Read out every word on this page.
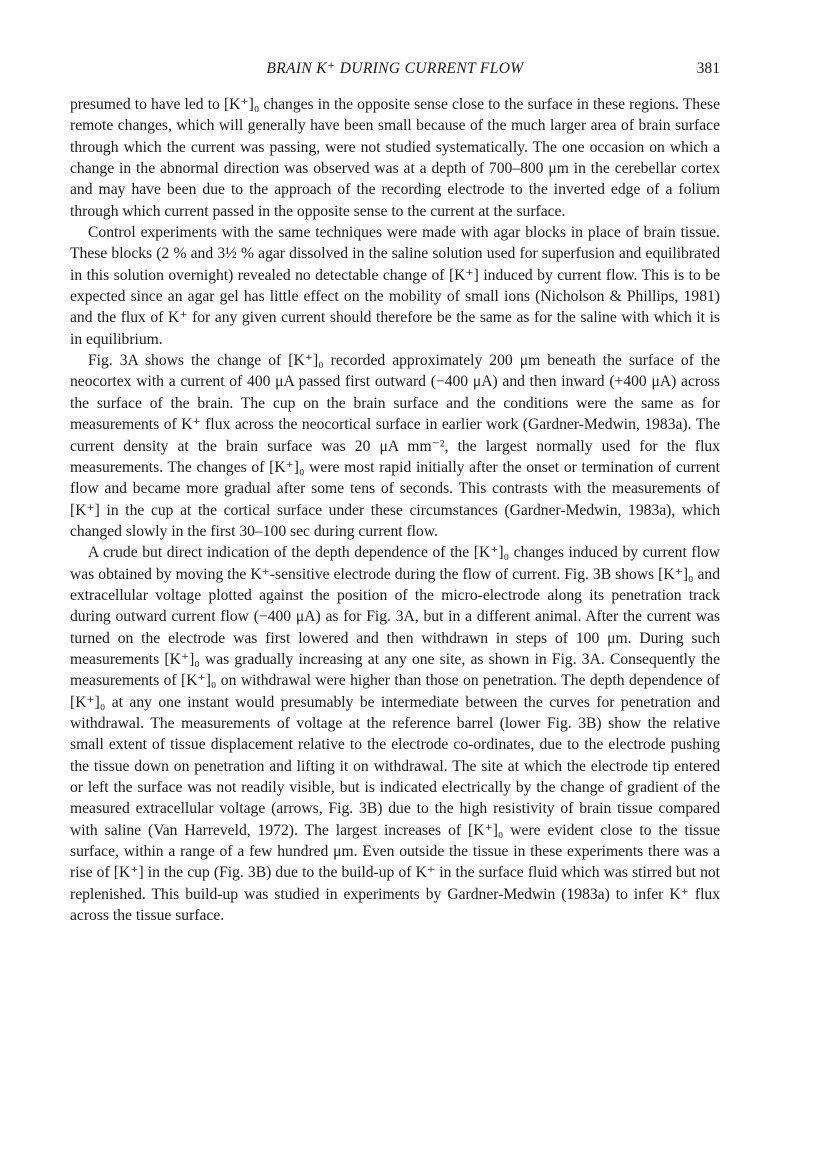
BRAIN K⁺ DURING CURRENT FLOW	381

presumed to have led to [K⁺]₀ changes in the opposite sense close to the surface in these regions. These remote changes, which will generally have been small because of the much larger area of brain surface through which the current was passing, were not studied systematically. The one occasion on which a change in the abnormal direction was observed was at a depth of 700–800 μm in the cerebellar cortex and may have been due to the approach of the recording electrode to the inverted edge of a folium through which current passed in the opposite sense to the current at the surface.

Control experiments with the same techniques were made with agar blocks in place of brain tissue. These blocks (2 % and 3½ % agar dissolved in the saline solution used for superfusion and equilibrated in this solution overnight) revealed no detectable change of [K⁺] induced by current flow. This is to be expected since an agar gel has little effect on the mobility of small ions (Nicholson & Phillips, 1981) and the flux of K⁺ for any given current should therefore be the same as for the saline with which it is in equilibrium.

Fig. 3A shows the change of [K⁺]₀ recorded approximately 200 μm beneath the surface of the neocortex with a current of 400 μA passed first outward (−400 μA) and then inward (+400 μA) across the surface of the brain. The cup on the brain surface and the conditions were the same as for measurements of K⁺ flux across the neocortical surface in earlier work (Gardner-Medwin, 1983a). The current density at the brain surface was 20 μA mm⁻², the largest normally used for the flux measurements. The changes of [K⁺]₀ were most rapid initially after the onset or termination of current flow and became more gradual after some tens of seconds. This contrasts with the measurements of [K⁺] in the cup at the cortical surface under these circumstances (Gardner-Medwin, 1983a), which changed slowly in the first 30–100 sec during current flow.

A crude but direct indication of the depth dependence of the [K⁺]₀ changes induced by current flow was obtained by moving the K⁺-sensitive electrode during the flow of current. Fig. 3B shows [K⁺]₀ and extracellular voltage plotted against the position of the micro-electrode along its penetration track during outward current flow (−400 μA) as for Fig. 3A, but in a different animal. After the current was turned on the electrode was first lowered and then withdrawn in steps of 100 μm. During such measurements [K⁺]₀ was gradually increasing at any one site, as shown in Fig. 3A. Consequently the measurements of [K⁺]₀ on withdrawal were higher than those on penetration. The depth dependence of [K⁺]₀ at any one instant would presumably be intermediate between the curves for penetration and withdrawal. The measurements of voltage at the reference barrel (lower Fig. 3B) show the relative small extent of tissue displacement relative to the electrode co-ordinates, due to the electrode pushing the tissue down on penetration and lifting it on withdrawal. The site at which the electrode tip entered or left the surface was not readily visible, but is indicated electrically by the change of gradient of the measured extracellular voltage (arrows, Fig. 3B) due to the high resistivity of brain tissue compared with saline (Van Harreveld, 1972). The largest increases of [K⁺]₀ were evident close to the tissue surface, within a range of a few hundred μm. Even outside the tissue in these experiments there was a rise of [K⁺] in the cup (Fig. 3B) due to the build-up of K⁺ in the surface fluid which was stirred but not replenished. This build-up was studied in experiments by Gardner-Medwin (1983a) to infer K⁺ flux across the tissue surface.
